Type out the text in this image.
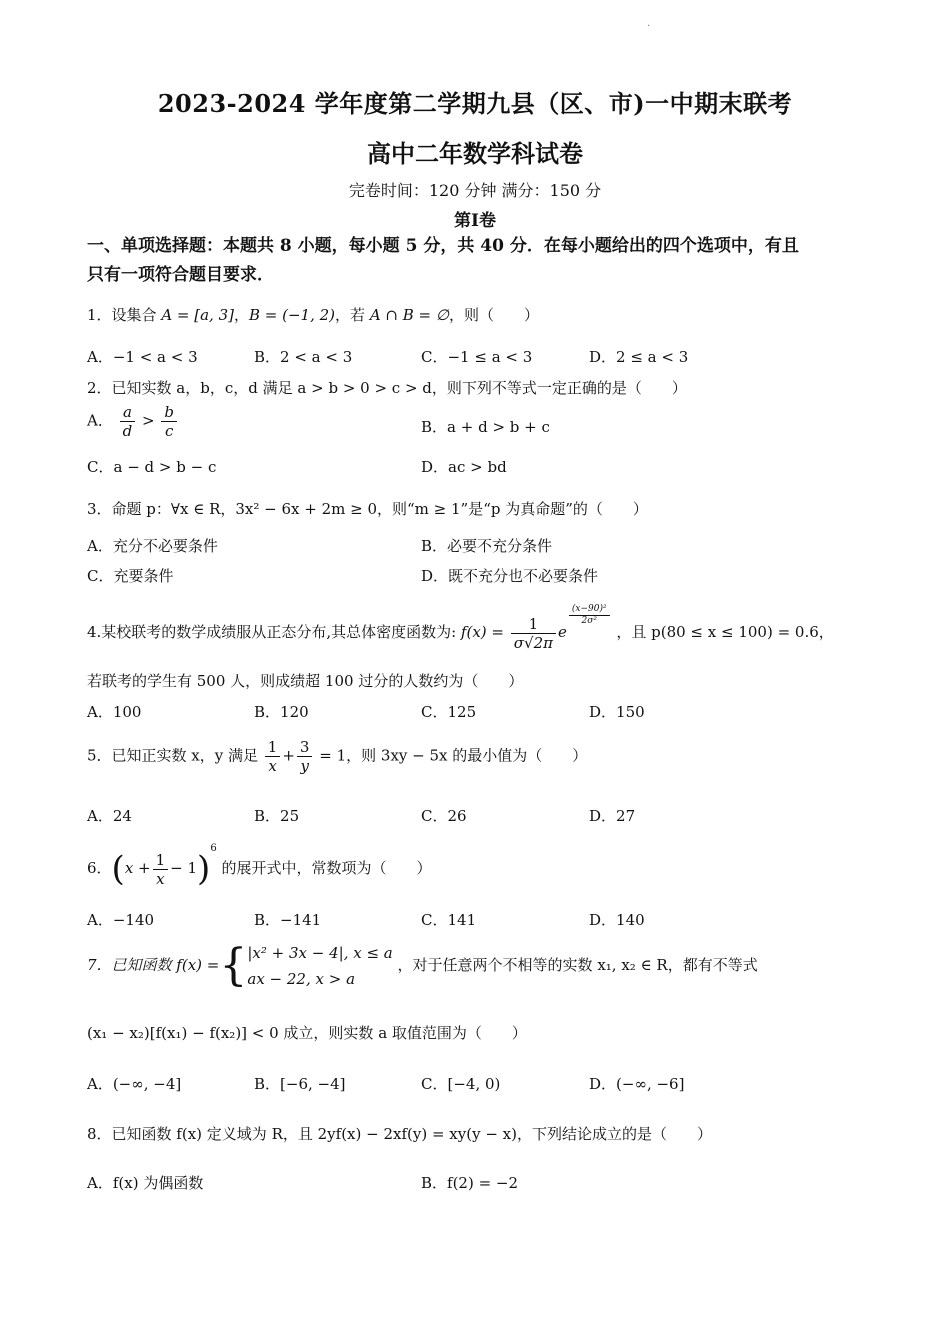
.
2023-2024 学年度第二学期九县（区、市)一中期末联考
高中二年数学科试卷
完卷时间：120 分钟 满分：150 分
第Ⅰ卷
一、单项选择题：本题共 8 小题，每小题 5 分，共 40 分．在每小题给出的四个选项中，有且
只有一项符合题目要求．
1．设集合 A = [a, 3]，B = (−1, 2)，若 A ∩ B = ∅，则（　　）
A．−1 < a < 3	B．2 < a < 3	C．−1 ≤ a < 3	D．2 ≤ a < 3
2．已知实数 a，b，c，d 满足 a > b > 0 > c > d，则下列不等式一定正确的是（　　）
A． $\frac{a}{d} > \frac{b}{c}$	B．a + d > b + c
C．a − d > b − c	D．ac > bd
3．命题 p：∀x ∈ R，3x² − 6x + 2m ≥ 0，则“m ≥ 1”是“p 为真命题”的（　　）
A．充分不必要条件	B．必要不充分条件
C．充要条件	D．既不充分也不必要条件
4.某校联考的数学成绩服从正态分布,其总体密度函数为: $f(x) = \frac{1}{\sigma√2\pi}$ e
$\frac{\text{(x−90)²}}{\text{2σ²}}$
，且 p(80 ≤ x ≤ 100) = 0.6，
若联考的学生有 500 人，则成绩超 100 过分的人数约为（　　）
A．100	B．120	C．125	D．150
5．已知正实数 x，y 满足 $\frac{1}{x} + \frac{3}{y} = 1$，则 3xy − 5x 的最小值为（　　）
A．24	B．25	C．26	D．27
6．$(x + \frac{1}{x} - 1)^6$ 的展开式中，常数项为（　　）
A．−140	B．−141	C．141	D．140
7．已知函数 f(x) ={ |x² + 3x − 4|, x ≤ a
ax − 22, x > a
，对于任意两个不相等的实数 x₁, x₂ ∈ R，都有不等式
(x₁ − x₂)[f(x₁) − f(x₂)] < 0 成立，则实数 a 取值范围为（　　）
A．(−∞, −4]	B．[−6, −4]	C．[−4, 0)	D．(−∞, −6]
8．已知函数 f(x) 定义域为 R，且 2yf(x) − 2xf(y) = xy(y − x)，下列结论成立的是（　　）
A．f(x) 为偶函数	B．f(2) = −2
